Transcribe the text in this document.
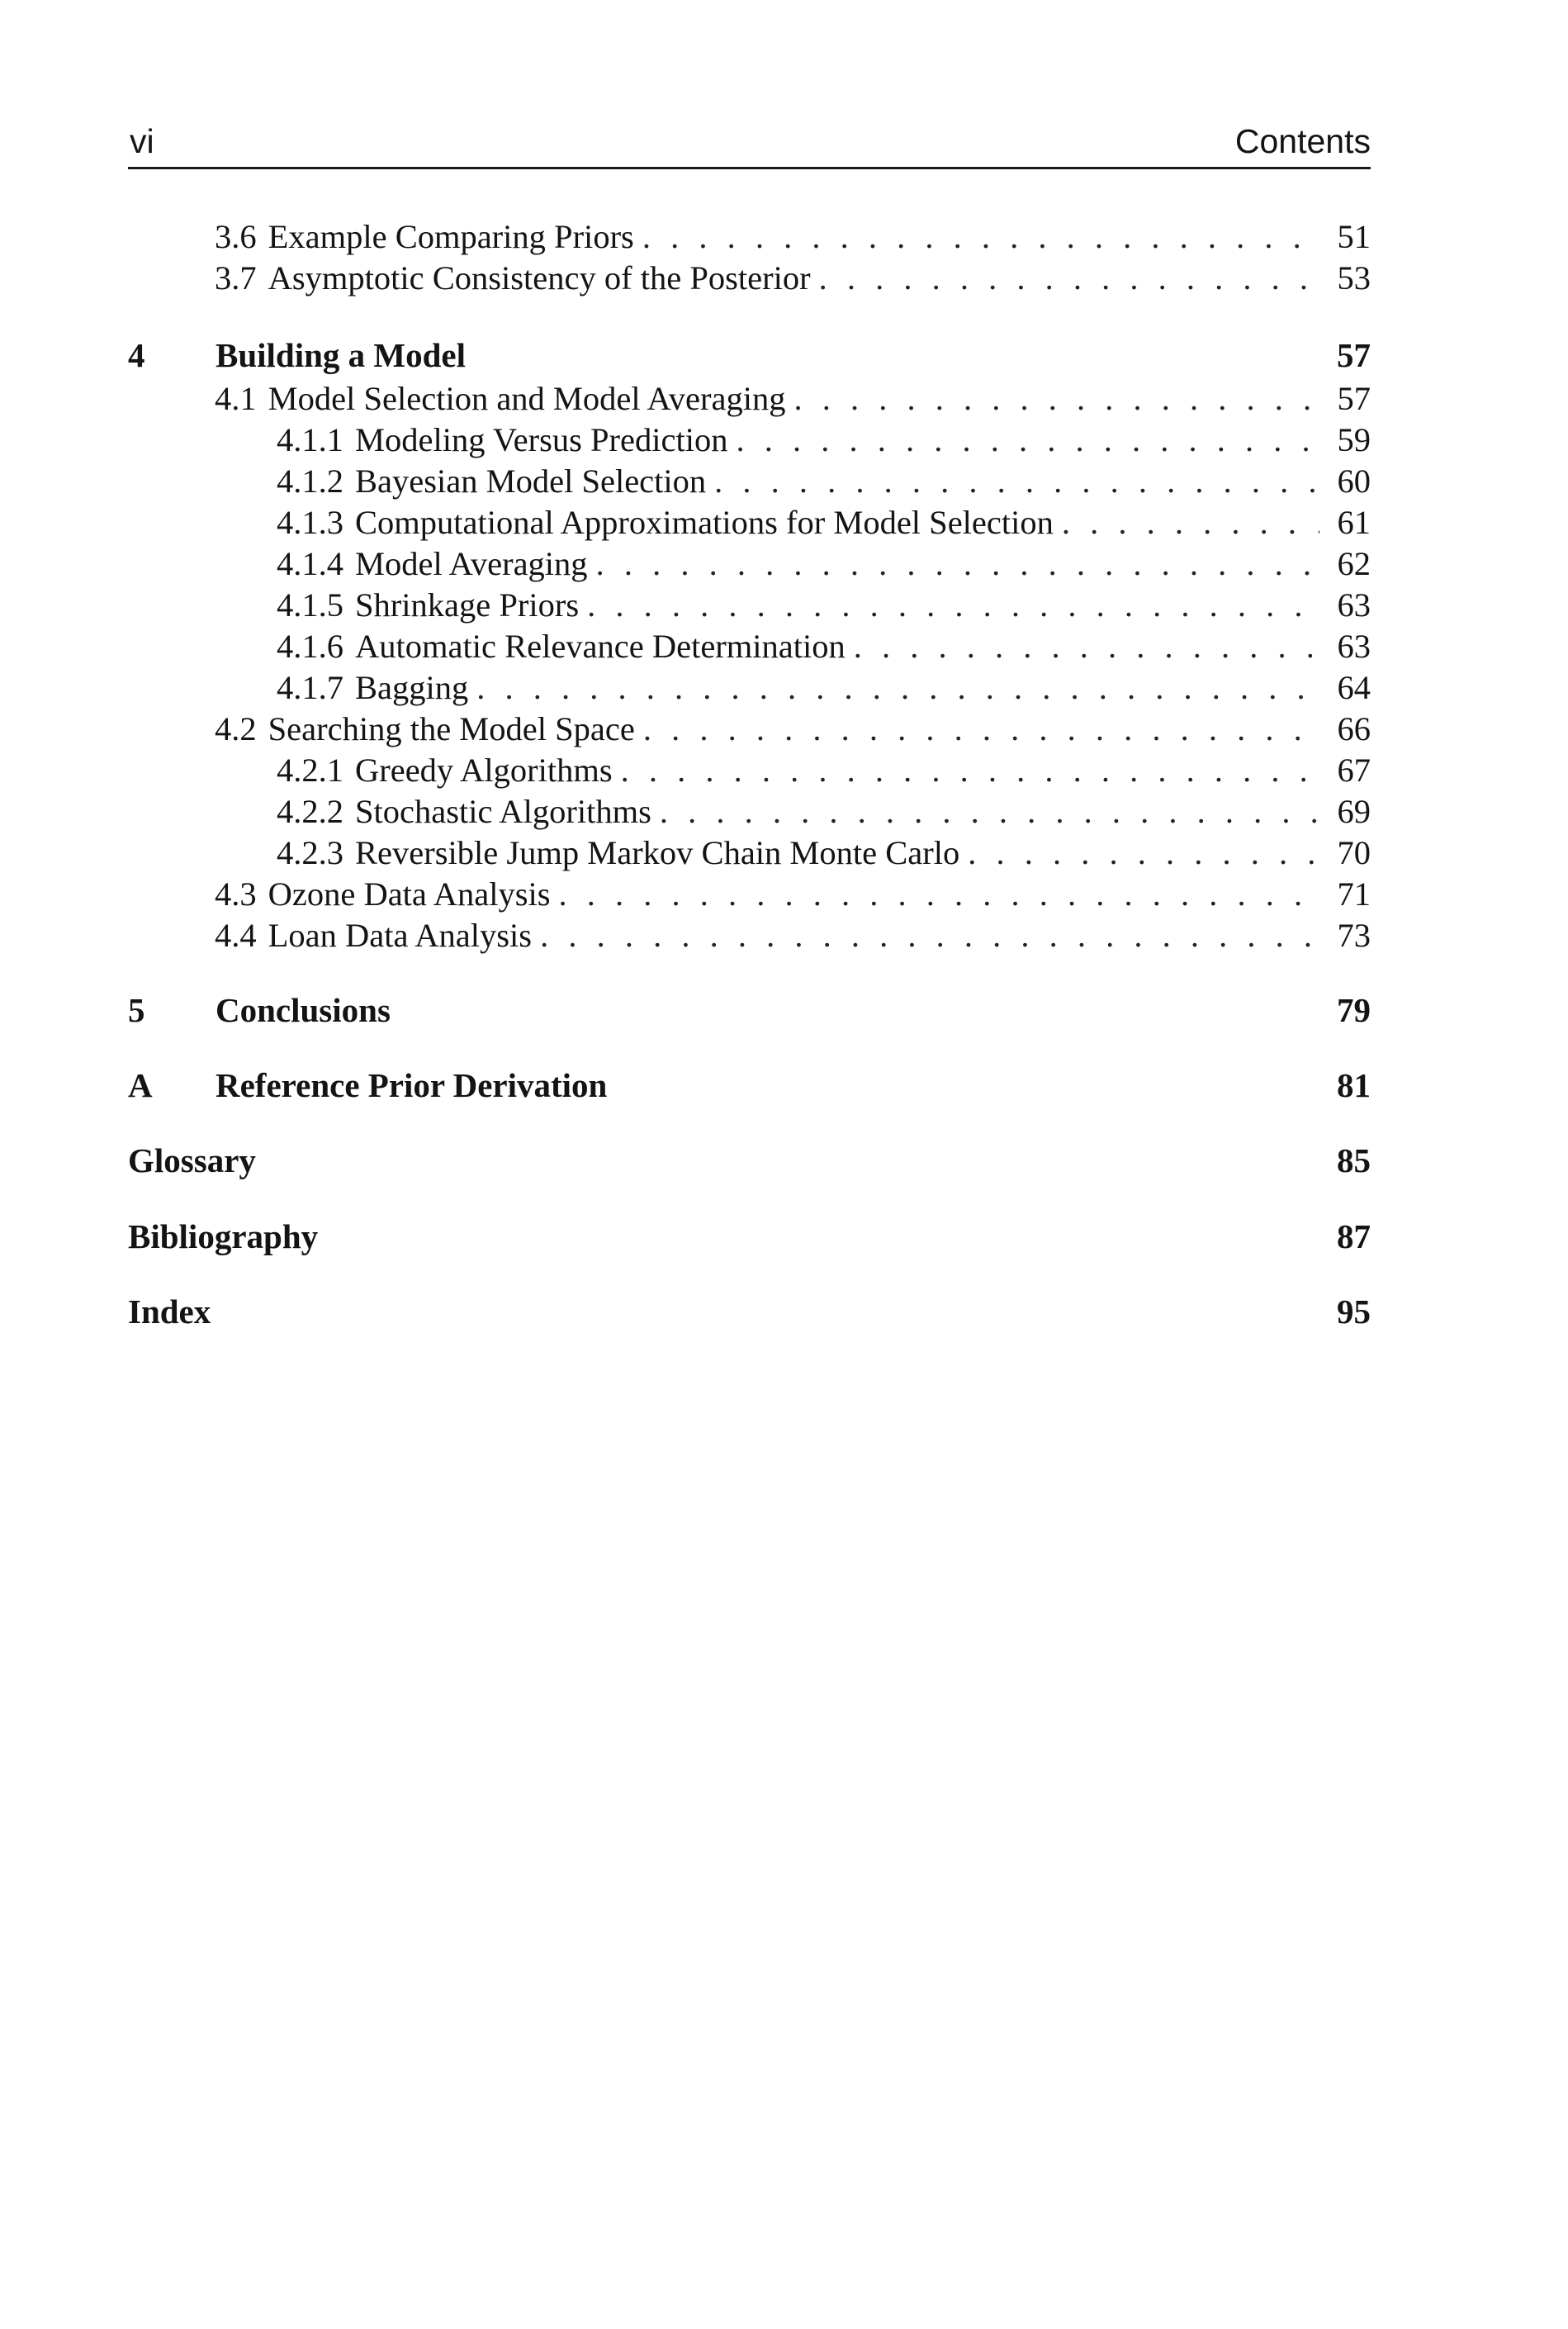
vi	Contents
3.6 Example Comparing Priors . . .	51
3.7 Asymptotic Consistency of the Posterior . . .	53
4 Building a Model	57
4.1 Model Selection and Model Averaging . . .	57
4.1.1 Modeling Versus Prediction . . .	59
4.1.2 Bayesian Model Selection . . .	60
4.1.3 Computational Approximations for Model Selection . . .	61
4.1.4 Model Averaging . . .	62
4.1.5 Shrinkage Priors . . .	63
4.1.6 Automatic Relevance Determination . . .	63
4.1.7 Bagging . . .	64
4.2 Searching the Model Space . . .	66
4.2.1 Greedy Algorithms . . .	67
4.2.2 Stochastic Algorithms . . .	69
4.2.3 Reversible Jump Markov Chain Monte Carlo . . .	70
4.3 Ozone Data Analysis . . .	71
4.4 Loan Data Analysis . . .	73
5 Conclusions	79
A Reference Prior Derivation	81
Glossary	85
Bibliography	87
Index	95
